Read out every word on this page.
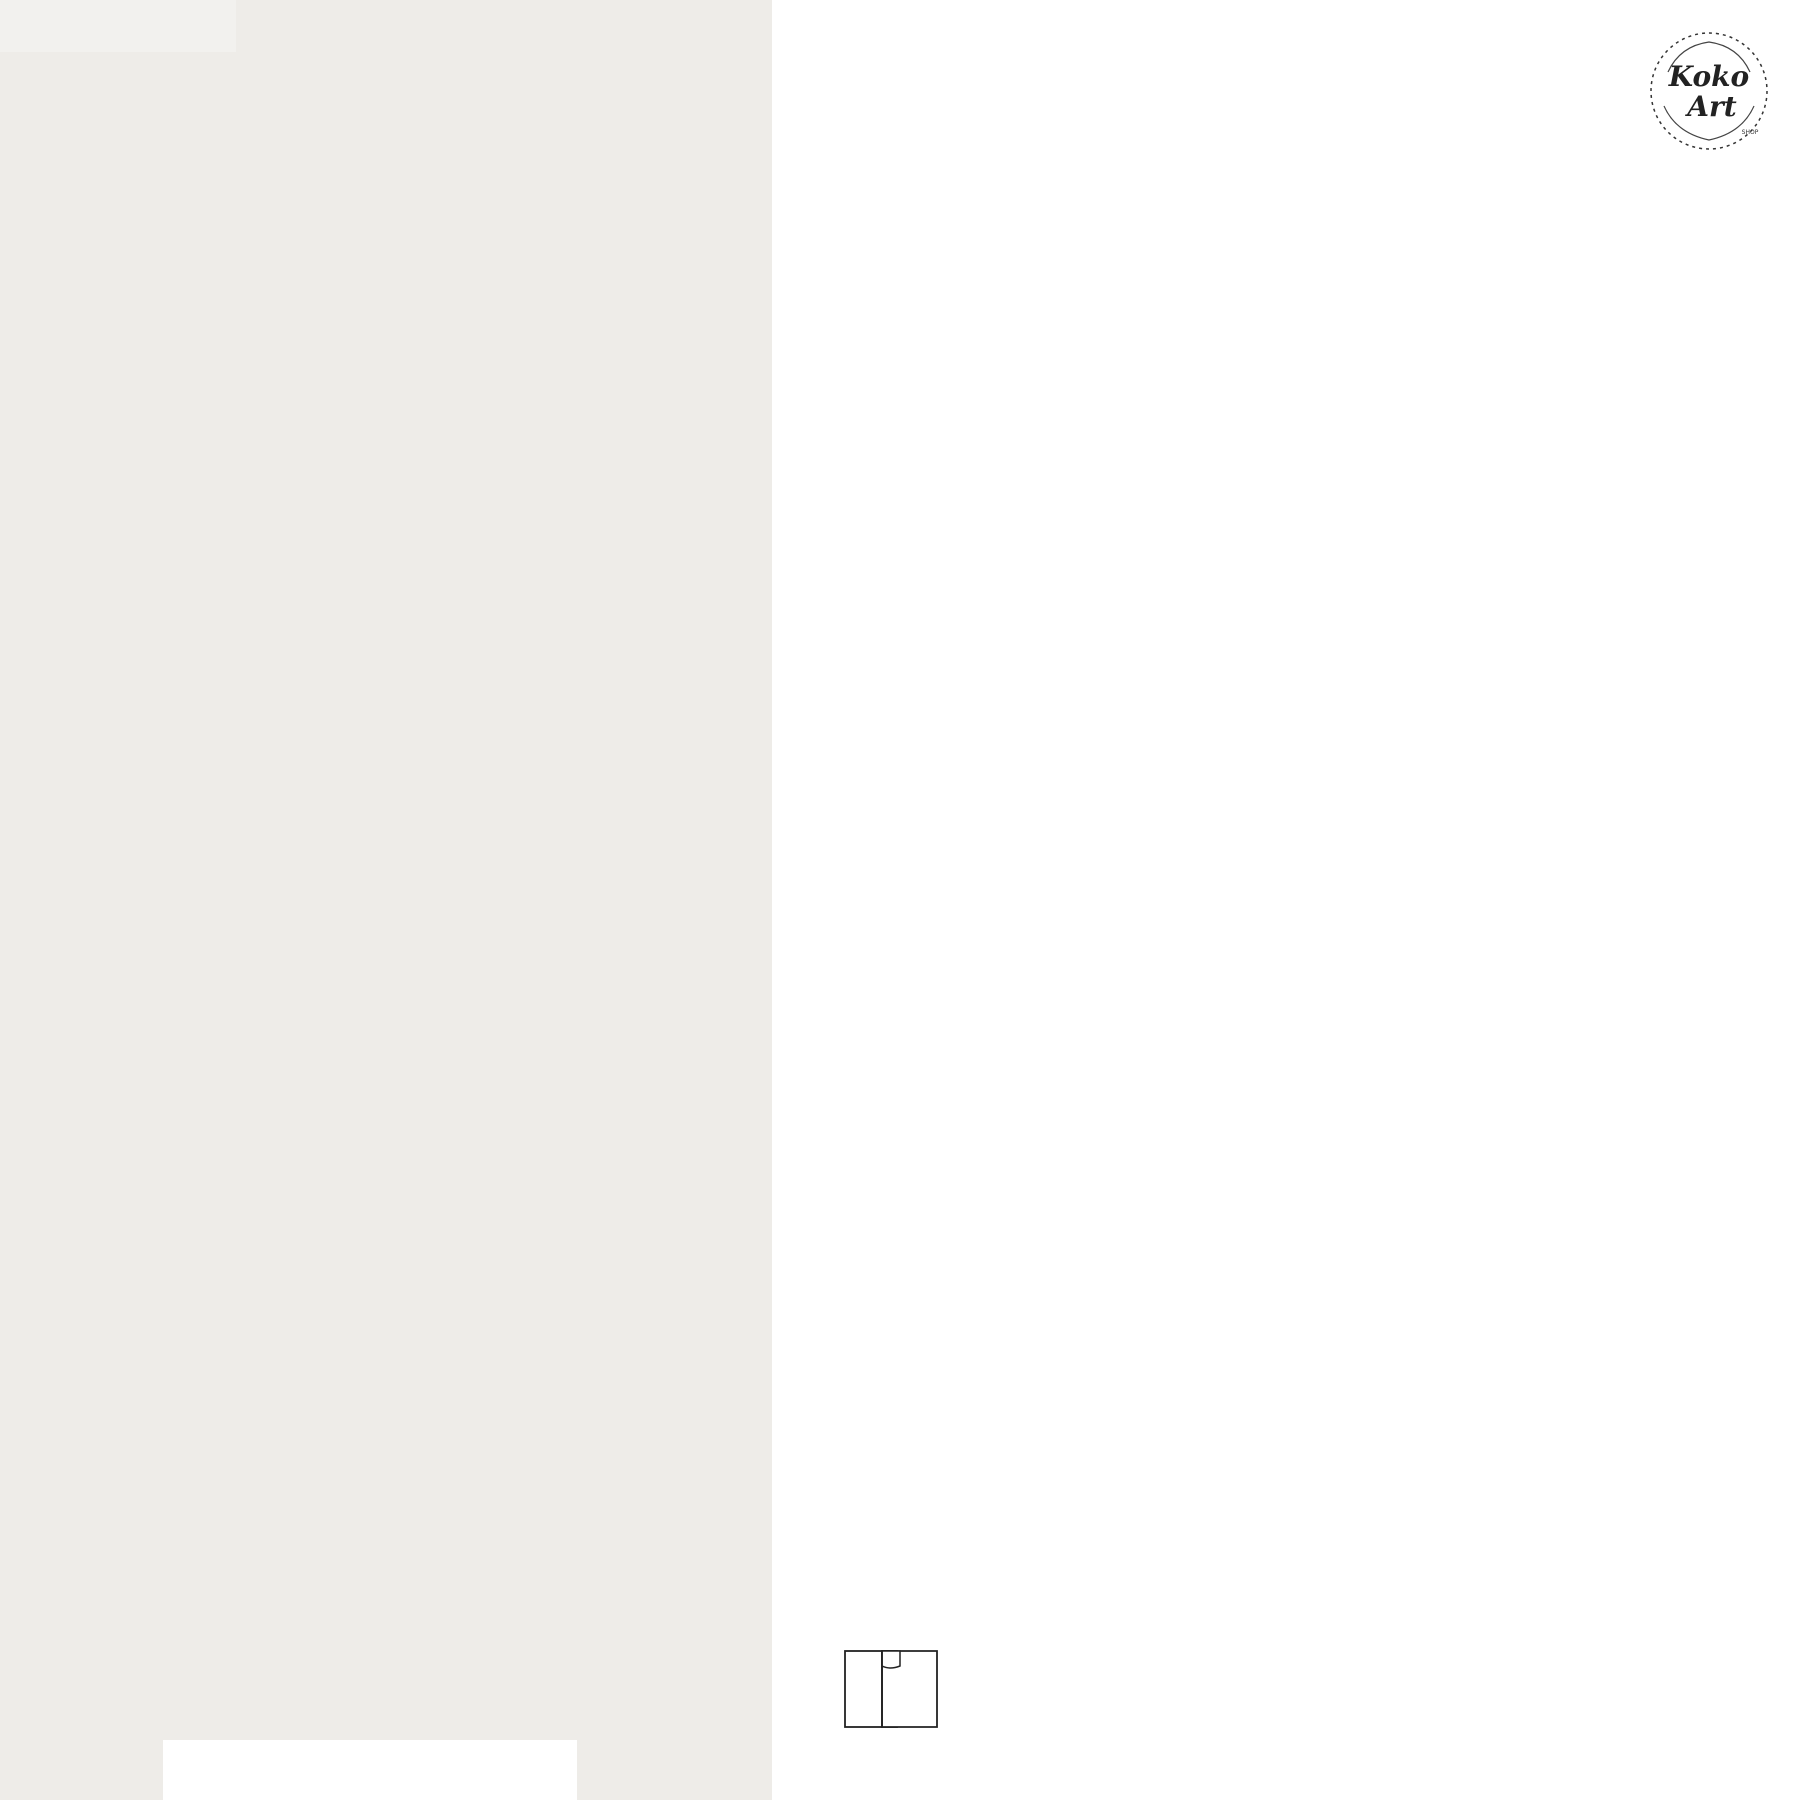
Koko
Art
SHOP
